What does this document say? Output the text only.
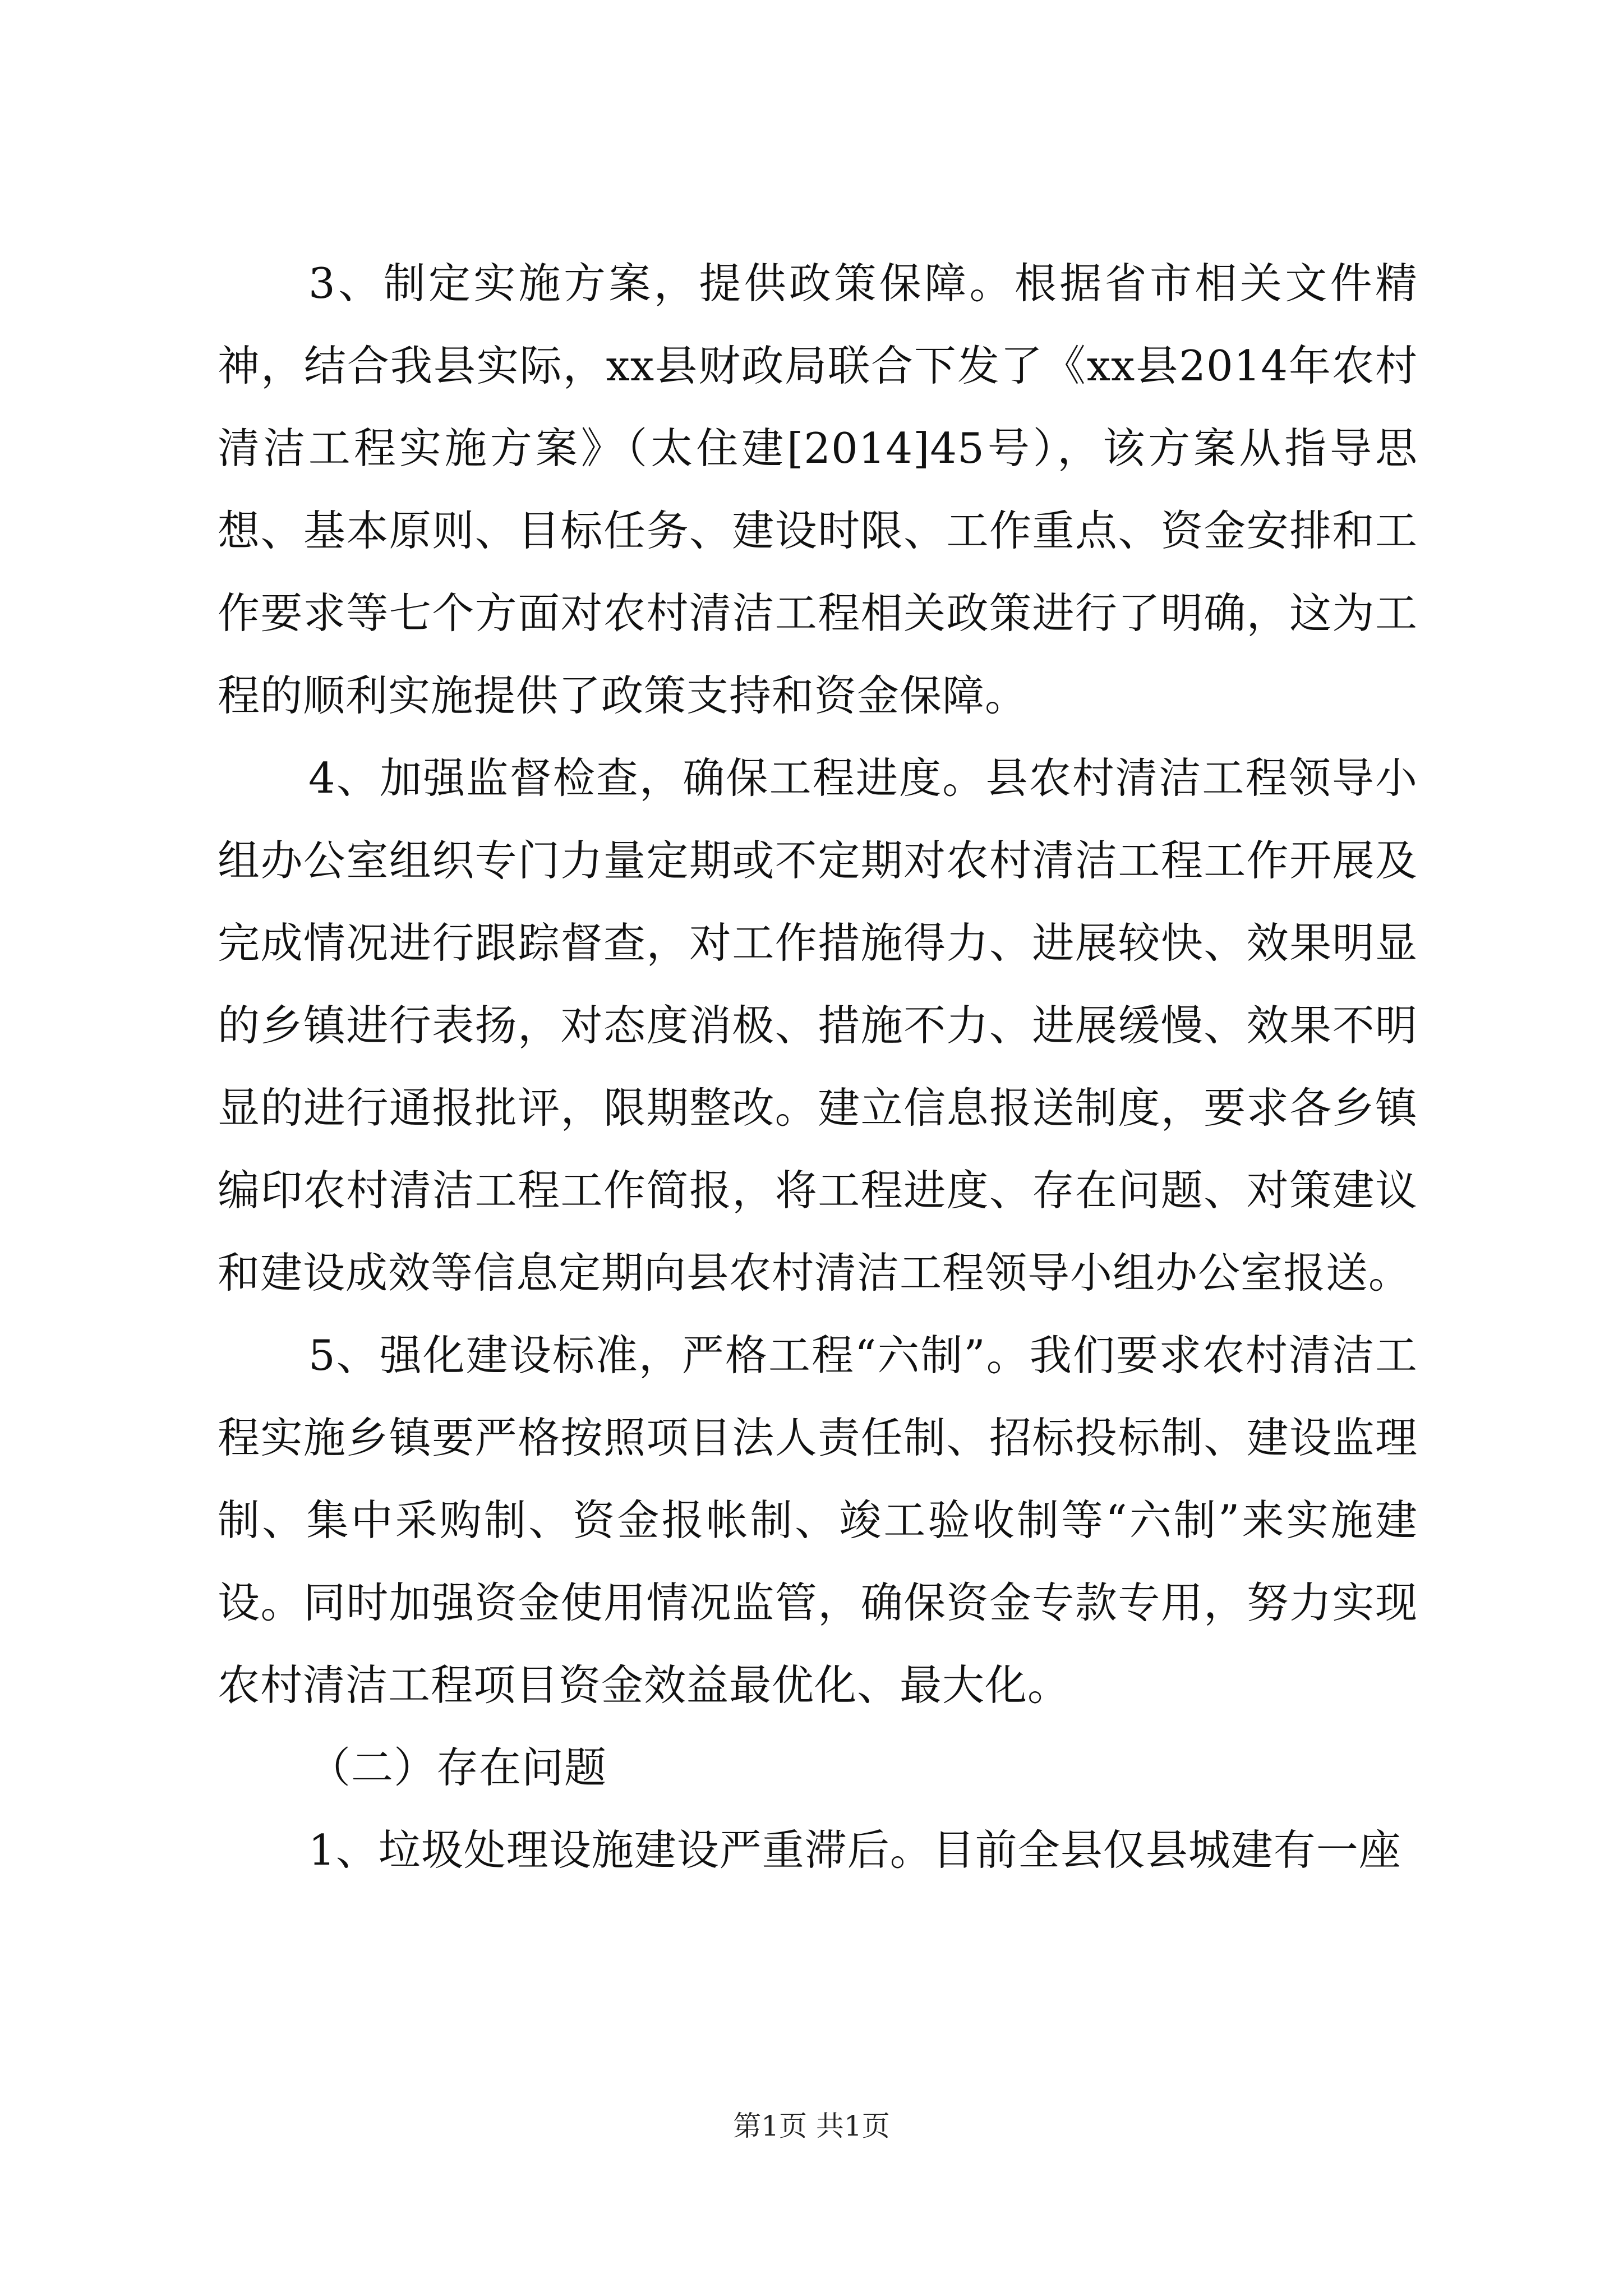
3、制定实施方案，提供政策保障。根据省市相关文件精神，结合我县实际，xx县财政局联合下发了《xx县2014年农村清洁工程实施方案》（太住建[2014]45号），该方案从指导思想、基本原则、目标任务、建设时限、工作重点、资金安排和工作要求等七个方面对农村清洁工程相关政策进行了明确，这为工程的顺利实施提供了政策支持和资金保障。

4、加强监督检查，确保工程进度。县农村清洁工程领导小组办公室组织专门力量定期或不定期对农村清洁工程工作开展及完成情况进行跟踪督查，对工作措施得力、进展较快、效果明显的乡镇进行表扬，对态度消极、措施不力、进展缓慢、效果不明显的进行通报批评，限期整改。建立信息报送制度，要求各乡镇编印农村清洁工程工作简报，将工程进度、存在问题、对策建议和建设成效等信息定期向县农村清洁工程领导小组办公室报送。

5、强化建设标准，严格工程“六制”。我们要求农村清洁工程实施乡镇要严格按照项目法人责任制、招标投标制、建设监理制、集中采购制、资金报帐制、竣工验收制等“六制”来实施建设。同时加强资金使用情况监管，确保资金专款专用，努力实现农村清洁工程项目资金效益最优化、最大化。

（二）存在问题

1、垃圾处理设施建设严重滞后。目前全县仅县城建有一座

第1页 共1页
